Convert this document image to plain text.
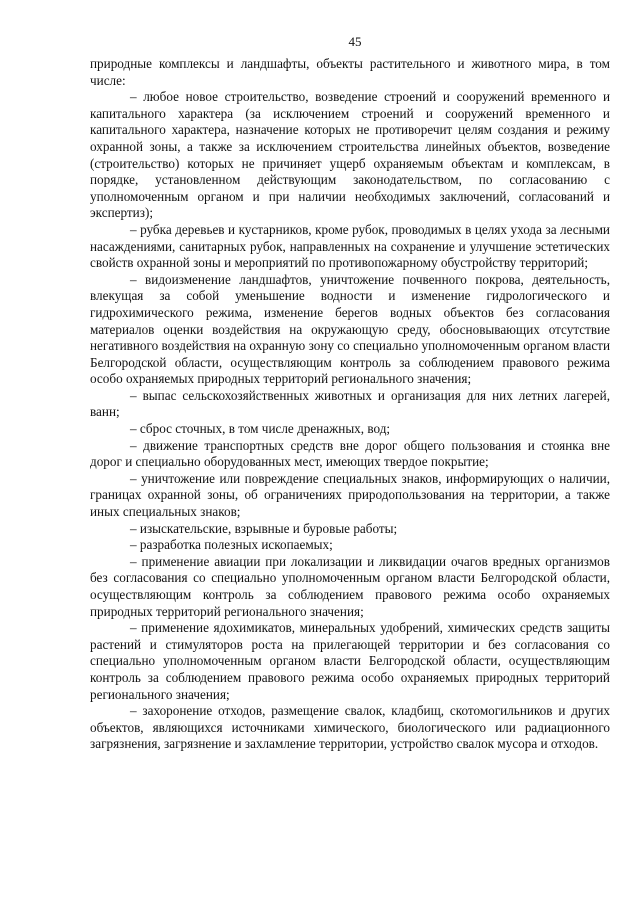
45

природные комплексы и ландшафты, объекты растительного и животного мира, в том числе:

– любое новое строительство, возведение строений и сооружений временного и капитального характера (за исключением строений и сооружений временного и капитального характера, назначение которых не противоречит целям создания и режиму охранной зоны, а также за исключением строительства линейных объектов, возведение (строительство) которых не причиняет ущерб охраняемым объектам и комплексам, в порядке, установленном действующим законодательством, по согласованию с уполномоченным органом и при наличии необходимых заключений, согласований и экспертиз);

– рубка деревьев и кустарников, кроме рубок, проводимых в целях ухода за лесными насаждениями, санитарных рубок, направленных на сохранение и улучшение эстетических свойств охранной зоны и мероприятий по противопожарному обустройству территорий;

– видоизменение ландшафтов, уничтожение почвенного покрова, деятельность, влекущая за собой уменьшение водности и изменение гидрологического и гидрохимического режима, изменение берегов водных объектов без согласования материалов оценки воздействия на окружающую среду, обосновывающих отсутствие негативного воздействия на охранную зону со специально уполномоченным органом власти Белгородской области, осуществляющим контроль за соблюдением правового режима особо охраняемых природных территорий регионального значения;

– выпас сельскохозяйственных животных и организация для них летних лагерей, ванн;

– сброс сточных, в том числе дренажных, вод;

– движение транспортных средств вне дорог общего пользования и стоянка вне дорог и специально оборудованных мест, имеющих твердое покрытие;

– уничтожение или повреждение специальных знаков, информирующих о наличии, границах охранной зоны, об ограничениях природопользования на территории, а также иных специальных знаков;

– изыскательские, взрывные и буровые работы;

– разработка полезных ископаемых;

– применение авиации при локализации и ликвидации очагов вредных организмов без согласования со специально уполномоченным органом власти Белгородской области, осуществляющим контроль за соблюдением правового режима особо охраняемых природных территорий регионального значения;

– применение ядохимикатов, минеральных удобрений, химических средств защиты растений и стимуляторов роста на прилегающей территории и без согласования со специально уполномоченным органом власти Белгородской области, осуществляющим контроль за соблюдением правового режима особо охраняемых природных территорий регионального значения;

– захоронение отходов, размещение свалок, кладбищ, скотомогильников и других объектов, являющихся источниками химического, биологического или радиационного загрязнения, загрязнение и захламление территории, устройство свалок мусора и отходов.
